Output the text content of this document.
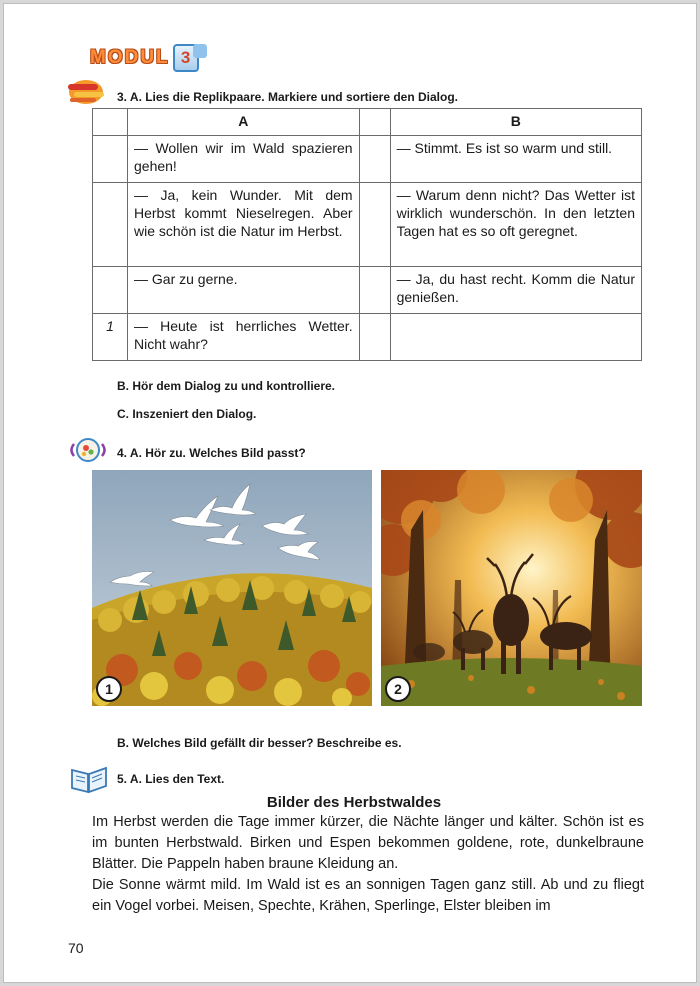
MODUL 3
3. A. Lies die Replikpaare. Markiere und sortiere den Dialog.
	A		B
	— Wollen wir im Wald spazieren gehen!		— Stimmt. Es ist so warm und still.
	— Ja, kein Wunder. Mit dem Herbst kommt Nieselregen. Aber wie schön ist die Natur im Herbst.		— Warum denn nicht? Das Wetter ist wirklich wunderschön. In den letzten Tagen hat es so oft geregnet.
	— Gar zu gerne.		— Ja, du hast recht. Komm die Natur genießen.
1	— Heute ist herrliches Wetter. Nicht wahr?		
B. Hör dem Dialog zu und kontrolliere.
C. Inszeniert den Dialog.
4. A. Hör zu. Welches Bild passt?
1	2
B. Welches Bild gefällt dir besser? Beschreibe es.
5. A. Lies den Text.
Bilder des Herbstwaldes

Im Herbst werden die Tage immer kürzer, die Nächte länger und kälter. Schön ist es im bunten Herbstwald. Birken und Espen bekommen goldene, rote, dunkelbraune Blätter. Die Pappeln haben braune Kleidung an.

Die Sonne wärmt mild. Im Wald ist es an sonnigen Tagen ganz still. Ab und zu fliegt ein Vogel vorbei. Meisen, Spechte, Krähen, Sperlinge, Elster bleiben im

70
